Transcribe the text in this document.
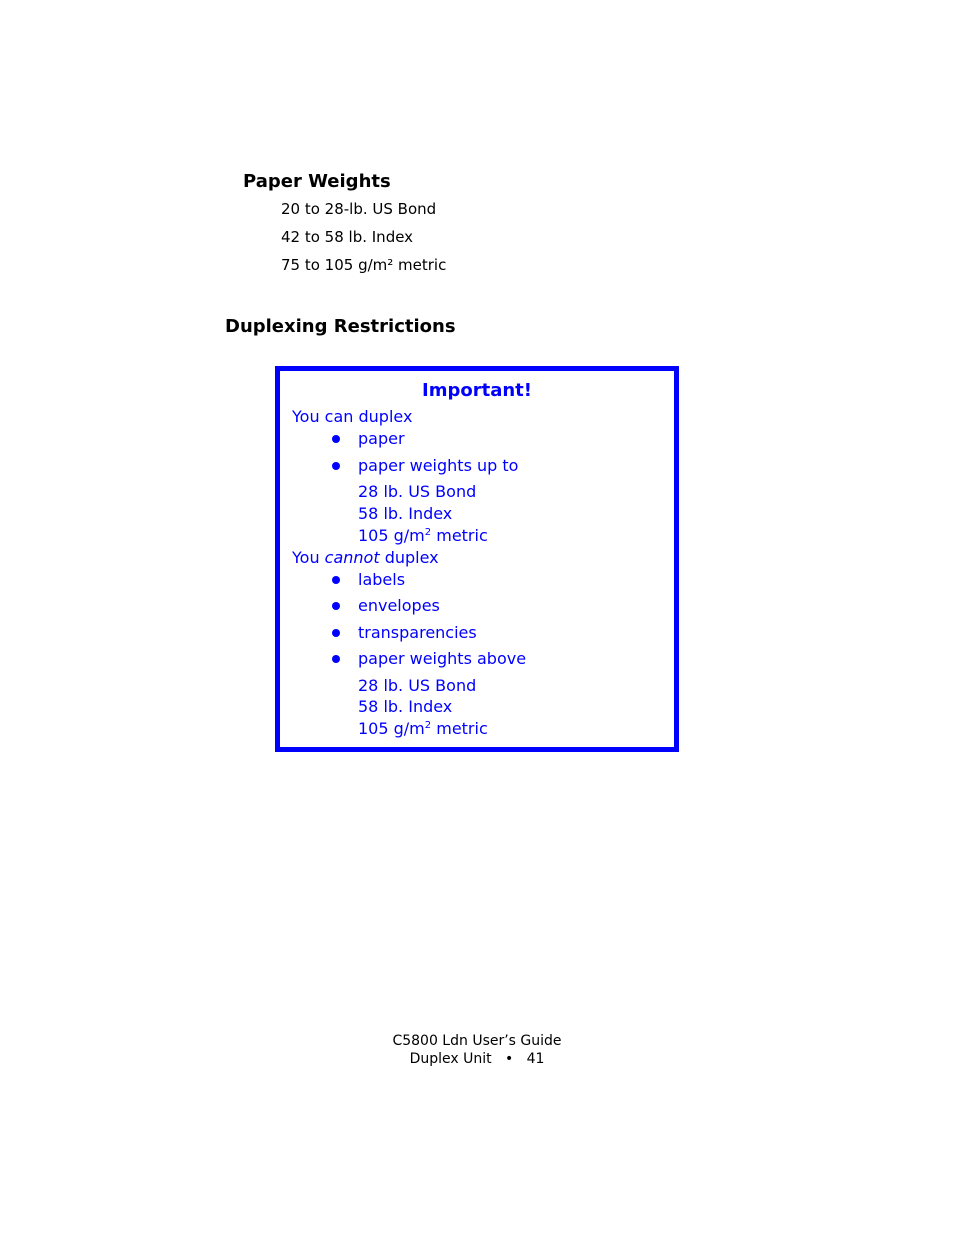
Paper Weights
20 to 28-lb. US Bond
42 to 58 lb. Index
75 to 105 g/m² metric
Duplexing Restrictions
Important!
You can duplex
paper
paper weights up to
28 lb. US Bond
58 lb. Index
105 $g/m^2$ metric
You cannot duplex
labels
envelopes
transparencies
paper weights above
28 lb. US Bond
58 lb. Index
105 $g/m^2$ metric
C5800 Ldn User’s Guide
Duplex Unit • 41
